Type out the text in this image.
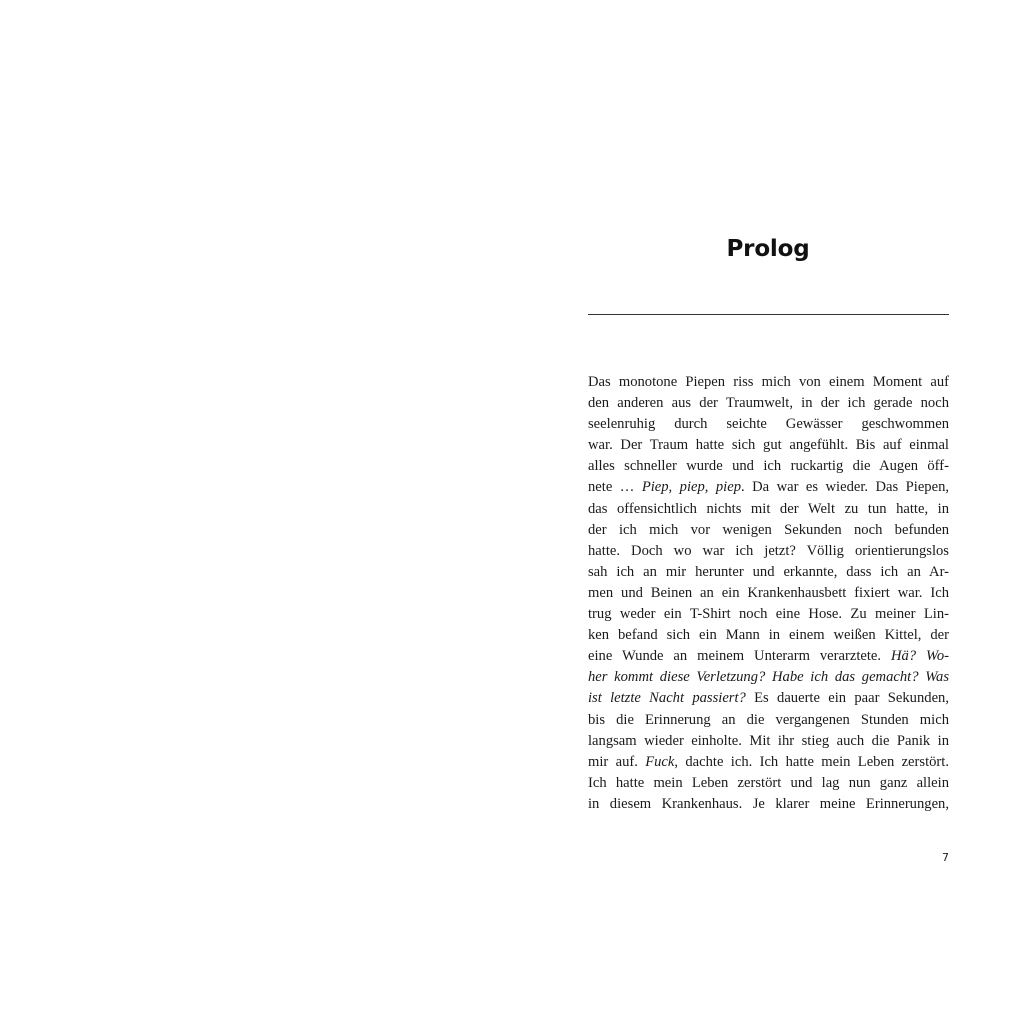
Prolog
Das monotone Piepen riss mich von einem Moment auf
den anderen aus der Traumwelt, in der ich gerade noch
seelenruhig durch seichte Gewässer geschwommen
war. Der Traum hatte sich gut angefühlt. Bis auf einmal
alles schneller wurde und ich ruckartig die Augen öff-
nete … Piep, piep, piep. Da war es wieder. Das Piepen,
das offensichtlich nichts mit der Welt zu tun hatte, in
der ich mich vor wenigen Sekunden noch befunden
hatte. Doch wo war ich jetzt? Völlig orientierungslos
sah ich an mir herunter und erkannte, dass ich an Ar-
men und Beinen an ein Krankenhausbett fixiert war. Ich
trug weder ein T-Shirt noch eine Hose. Zu meiner Lin-
ken befand sich ein Mann in einem weißen Kittel, der
eine Wunde an meinem Unterarm verarztete. Hä? Wo-
her kommt diese Verletzung? Habe ich das gemacht? Was
ist letzte Nacht passiert? Es dauerte ein paar Sekunden,
bis die Erinnerung an die vergangenen Stunden mich
langsam wieder einholte. Mit ihr stieg auch die Panik in
mir auf. Fuck, dachte ich. Ich hatte mein Leben zerstört.
Ich hatte mein Leben zerstört und lag nun ganz allein
in diesem Krankenhaus. Je klarer meine Erinnerungen,
7
